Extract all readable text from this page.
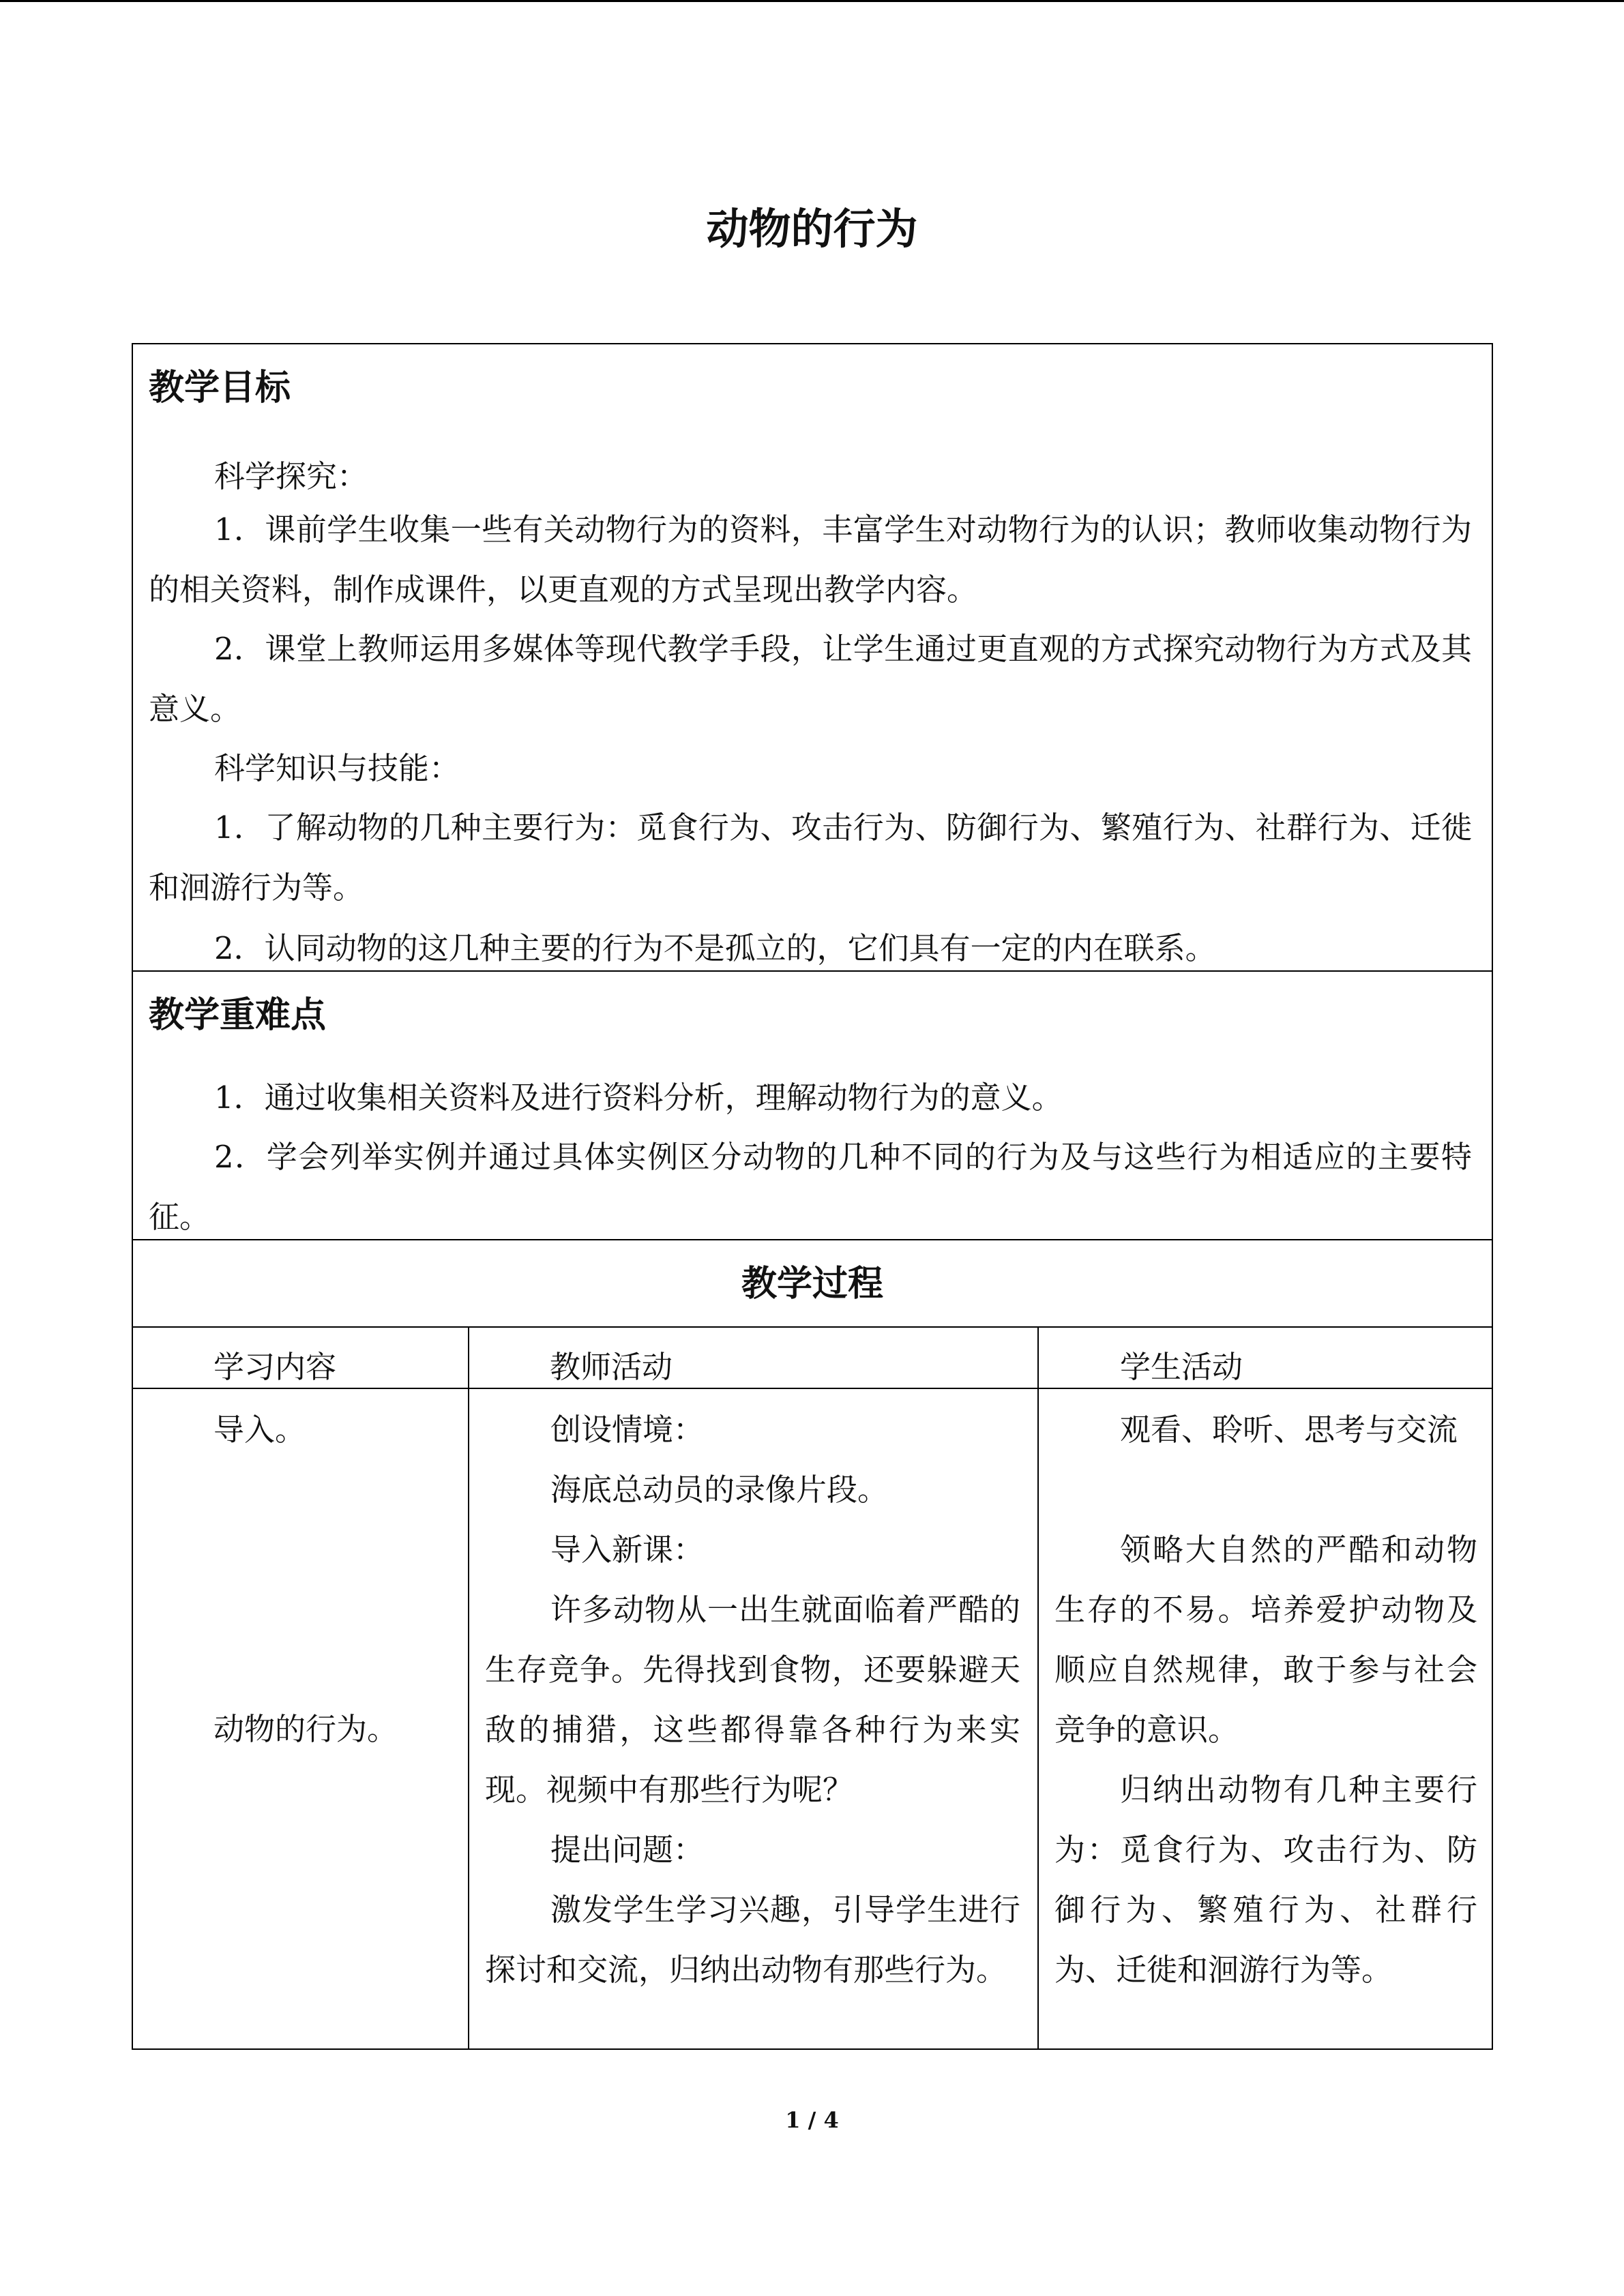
动物的行为
教学目标

科学探究：

1．课前学生收集一些有关动物行为的资料，丰富学生对动物行为的认识；教师收集动物行为的相关资料，制作成课件，以更直观的方式呈现出教学内容。

2．课堂上教师运用多媒体等现代教学手段，让学生通过更直观的方式探究动物行为方式及其意义。

科学知识与技能：

1．了解动物的几种主要行为：觅食行为、攻击行为、防御行为、繁殖行为、社群行为、迁徙和洄游行为等。

2．认同动物的这几种主要的行为不是孤立的，它们具有一定的内在联系。

教学重难点

1．通过收集相关资料及进行资料分析，理解动物行为的意义。

2．学会列举实例并通过具体实例区分动物的几种不同的行为及与这些行为相适应的主要特征。

教学过程
学习内容	教师活动	学生活动
导入。
动物的行为。

创设情境：

海底总动员的录像片段。

导入新课：

许多动物从一出生就面临着严酷的生存竞争。先得找到食物，还要躲避天敌的捕猎，这些都得靠各种行为来实现。视频中有那些行为呢？

提出问题：

激发学生学习兴趣，引导学生进行探讨和交流，归纳出动物有那些行为。

观看、聆听、思考与交流

领略大自然的严酷和动物生存的不易。培养爱护动物及顺应自然规律，敢于参与社会竞争的意识。

归纳出动物有几种主要行为：觅食行为、攻击行为、防御行为、繁殖行为、社群行为、迁徙和洄游行为等。

1 / 4
